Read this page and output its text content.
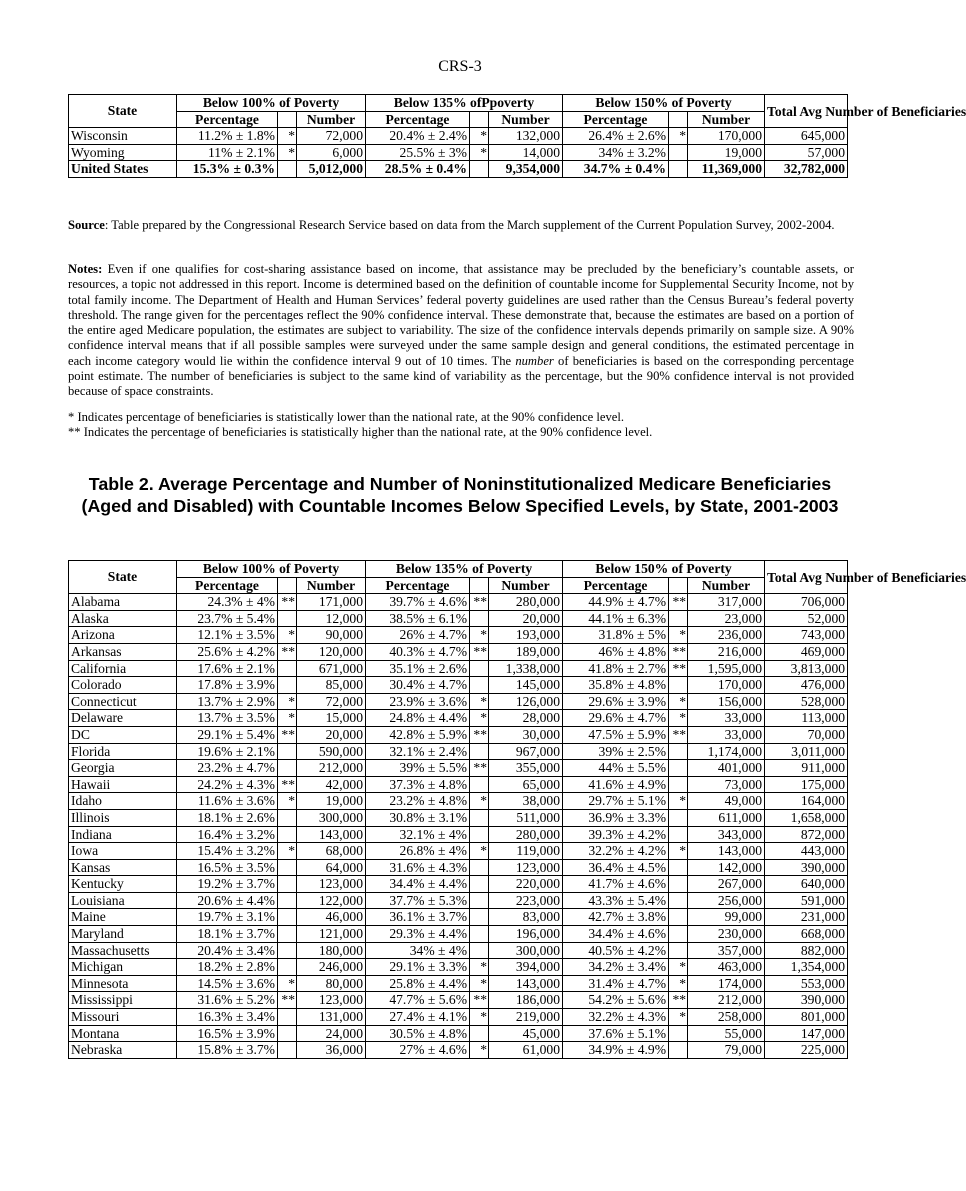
CRS-3
State	Below 100% of Poverty			Below 135% ofPpoverty			Below 150% of Poverty			Total Avg Number of Beneficiaries
	Percentage		Number	Percentage		Number	Percentage		Number	
Wisconsin	11.2% ± 1.8%	*	72,000	20.4% ± 2.4%	*	132,000	26.4% ± 2.6%	*	170,000	645,000
Wyoming	11% ± 2.1%	*	6,000	25.5% ± 3%	*	14,000	34% ± 3.2%		19,000	57,000
United States	15.3% ± 0.3%		5,012,000	28.5% ± 0.4%		9,354,000	34.7% ± 0.4%		11,369,000	32,782,000

Source: Table prepared by the Congressional Research Service based on data from the March supplement of the Current Population Survey, 2002-2004.

Notes: Even if one qualifies for cost-sharing assistance based on income, that assistance may be precluded by the beneficiary’s countable assets, or resources, a topic not addressed in this report. Income is determined based on the definition of countable income for Supplemental Security Income, not by total family income. The Department of Health and Human Services’ federal poverty guidelines are used rather than the Census Bureau’s federal poverty threshold. The range given for the percentages reflect the 90% confidence interval. These demonstrate that, because the estimates are based on a portion of the entire aged Medicare population, the estimates are subject to variability. The size of the confidence intervals depends primarily on sample size. A 90% confidence interval means that if all possible samples were surveyed under the same sample design and general conditions, the estimated percentage in each income category would lie within the confidence interval 9 out of 10 times. The number of beneficiaries is based on the corresponding percentage point estimate. The number of beneficiaries is subject to the same kind of variability as the percentage, but the 90% confidence interval is not provided because of space constraints.

* Indicates percentage of beneficiaries is statistically lower than the national rate, at the 90% confidence level.

** Indicates the percentage of beneficiaries is statistically higher than the national rate, at the 90% confidence level.

Table 2. Average Percentage and Number of Noninstitutionalized Medicare Beneficiaries (Aged and Disabled) with Countable Incomes Below Specified Levels, by State, 2001-2003
State	Below 100% of Poverty			Below 135% of Poverty			Below 150% of Poverty			Total Avg Number of Beneficiaries
	Percentage		Number	Percentage		Number	Percentage		Number	
Alabama	24.3% ± 4%	**	171,000	39.7% ± 4.6%	**	280,000	44.9% ± 4.7%	**	317,000	706,000
Alaska	23.7% ± 5.4%		12,000	38.5% ± 6.1%		20,000	44.1% ± 6.3%		23,000	52,000
Arizona	12.1% ± 3.5%	*	90,000	26% ± 4.7%	*	193,000	31.8% ± 5%	*	236,000	743,000
Arkansas	25.6% ± 4.2%	**	120,000	40.3% ± 4.7%	**	189,000	46% ± 4.8%	**	216,000	469,000
California	17.6% ± 2.1%		671,000	35.1% ± 2.6%		1,338,000	41.8% ± 2.7%	**	1,595,000	3,813,000
Colorado	17.8% ± 3.9%		85,000	30.4% ± 4.7%		145,000	35.8% ± 4.8%		170,000	476,000
Connecticut	13.7% ± 2.9%	*	72,000	23.9% ± 3.6%	*	126,000	29.6% ± 3.9%	*	156,000	528,000
Delaware	13.7% ± 3.5%	*	15,000	24.8% ± 4.4%	*	28,000	29.6% ± 4.7%	*	33,000	113,000
DC	29.1% ± 5.4%	**	20,000	42.8% ± 5.9%	**	30,000	47.5% ± 5.9%	**	33,000	70,000
Florida	19.6% ± 2.1%		590,000	32.1% ± 2.4%		967,000	39% ± 2.5%		1,174,000	3,011,000
Georgia	23.2% ± 4.7%		212,000	39% ± 5.5%	**	355,000	44% ± 5.5%		401,000	911,000
Hawaii	24.2% ± 4.3%	**	42,000	37.3% ± 4.8%		65,000	41.6% ± 4.9%		73,000	175,000
Idaho	11.6% ± 3.6%	*	19,000	23.2% ± 4.8%	*	38,000	29.7% ± 5.1%	*	49,000	164,000
Illinois	18.1% ± 2.6%		300,000	30.8% ± 3.1%		511,000	36.9% ± 3.3%		611,000	1,658,000
Indiana	16.4% ± 3.2%		143,000	32.1% ± 4%		280,000	39.3% ± 4.2%		343,000	872,000
Iowa	15.4% ± 3.2%	*	68,000	26.8% ± 4%	*	119,000	32.2% ± 4.2%	*	143,000	443,000
Kansas	16.5% ± 3.5%		64,000	31.6% ± 4.3%		123,000	36.4% ± 4.5%		142,000	390,000
Kentucky	19.2% ± 3.7%		123,000	34.4% ± 4.4%		220,000	41.7% ± 4.6%		267,000	640,000
Louisiana	20.6% ± 4.4%		122,000	37.7% ± 5.3%		223,000	43.3% ± 5.4%		256,000	591,000
Maine	19.7% ± 3.1%		46,000	36.1% ± 3.7%		83,000	42.7% ± 3.8%		99,000	231,000
Maryland	18.1% ± 3.7%		121,000	29.3% ± 4.4%		196,000	34.4% ± 4.6%		230,000	668,000
Massachusetts	20.4% ± 3.4%		180,000	34% ± 4%		300,000	40.5% ± 4.2%		357,000	882,000
Michigan	18.2% ± 2.8%		246,000	29.1% ± 3.3%	*	394,000	34.2% ± 3.4%	*	463,000	1,354,000
Minnesota	14.5% ± 3.6%	*	80,000	25.8% ± 4.4%	*	143,000	31.4% ± 4.7%	*	174,000	553,000
Mississippi	31.6% ± 5.2%	**	123,000	47.7% ± 5.6%	**	186,000	54.2% ± 5.6%	**	212,000	390,000
Missouri	16.3% ± 3.4%		131,000	27.4% ± 4.1%	*	219,000	32.2% ± 4.3%	*	258,000	801,000
Montana	16.5% ± 3.9%		24,000	30.5% ± 4.8%		45,000	37.6% ± 5.1%		55,000	147,000
Nebraska	15.8% ± 3.7%		36,000	27% ± 4.6%	*	61,000	34.9% ± 4.9%		79,000	225,000
